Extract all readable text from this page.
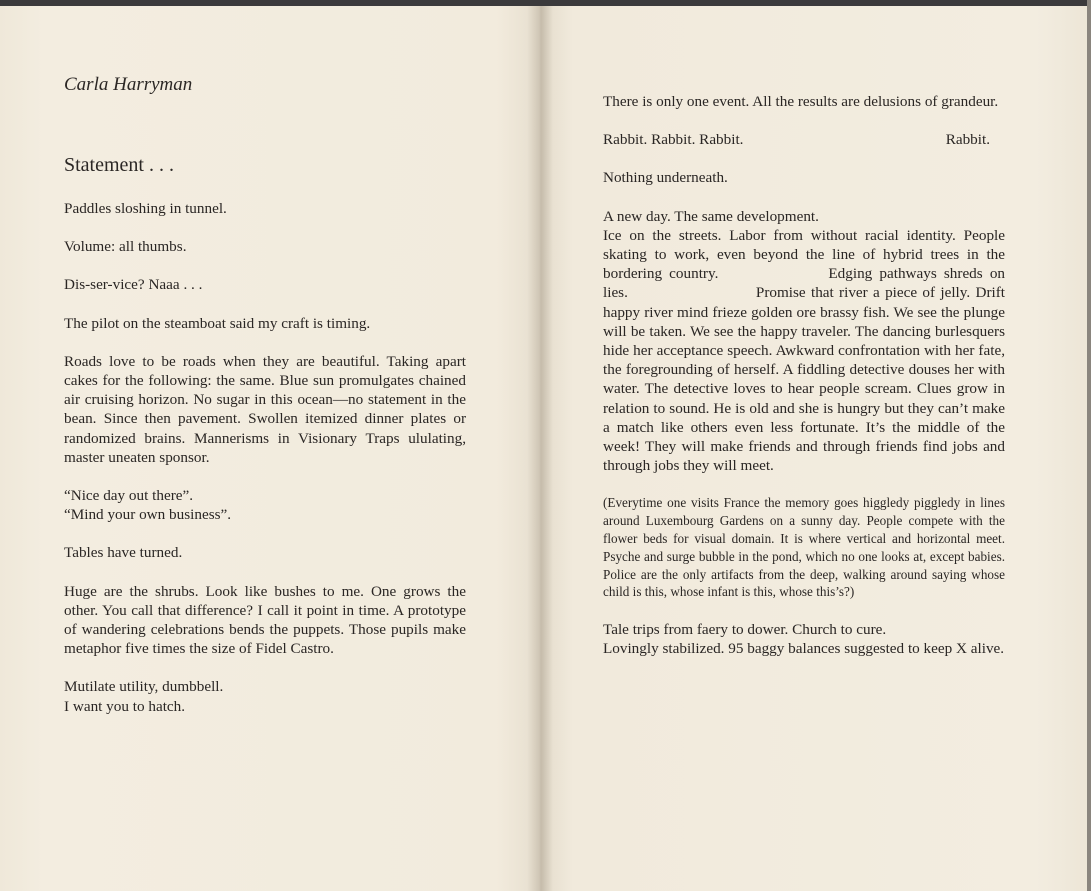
Carla Harryman
Statement . . .

Paddles sloshing in tunnel.

Volume: all thumbs.

Dis-ser-vice? Naaa . . .

The pilot on the steamboat said my craft is timing.

Roads love to be roads when they are beautiful. Taking apart cakes for the following: the same. Blue sun promulgates chained air cruising horizon. No sugar in this ocean—no statement in the bean. Since then pavement. Swollen itemized dinner plates or randomized brains. Mannerisms in Visionary Traps ululating, master uneaten sponsor.

“Nice day out there”.

“Mind your own business”.

Tables have turned.

Huge are the shrubs. Look like bushes to me. One grows the other. You call that difference? I call it point in time. A prototype of wandering celebrations bends the puppets. Those pupils make metaphor five times the size of Fidel Castro.

Mutilate utility, dumbbell.

I want you to hatch.

There is only one event. All the results are delusions of grandeur.

Rabbit. Rabbit. Rabbit.	Rabbit.

Nothing underneath.

A new day. The same development.

Ice on the streets. Labor from without racial identity. People skating to work, even beyond the line of hybrid trees in the bordering country.	Edging pathways shreds on lies.	Promise that river a piece of jelly. Drift happy river mind frieze golden ore brassy fish. We see the plunge will be taken. We see the happy traveler. The dancing burlesquers hide her acceptance speech. Awkward confrontation with her fate, the foregrounding of herself. A fiddling detective douses her with water. The detective loves to hear people scream. Clues grow in relation to sound. He is old and she is hungry but they can’t make a match like others even less fortunate. It’s the middle of the week! They will make friends and through friends find jobs and through jobs they will meet.

(Everytime one visits France the memory goes higgledy piggledy in lines around Luxembourg Gardens on a sunny day. People compete with the flower beds for visual domain. It is where vertical and horizontal meet. Psyche and surge bubble in the pond, which no one looks at, except babies. Police are the only artifacts from the deep, walking around saying whose child is this, whose infant is this, whose this’s?)

Tale trips from faery to dower. Church to cure.

Lovingly stabilized. 95 baggy balances suggested to keep X alive.
